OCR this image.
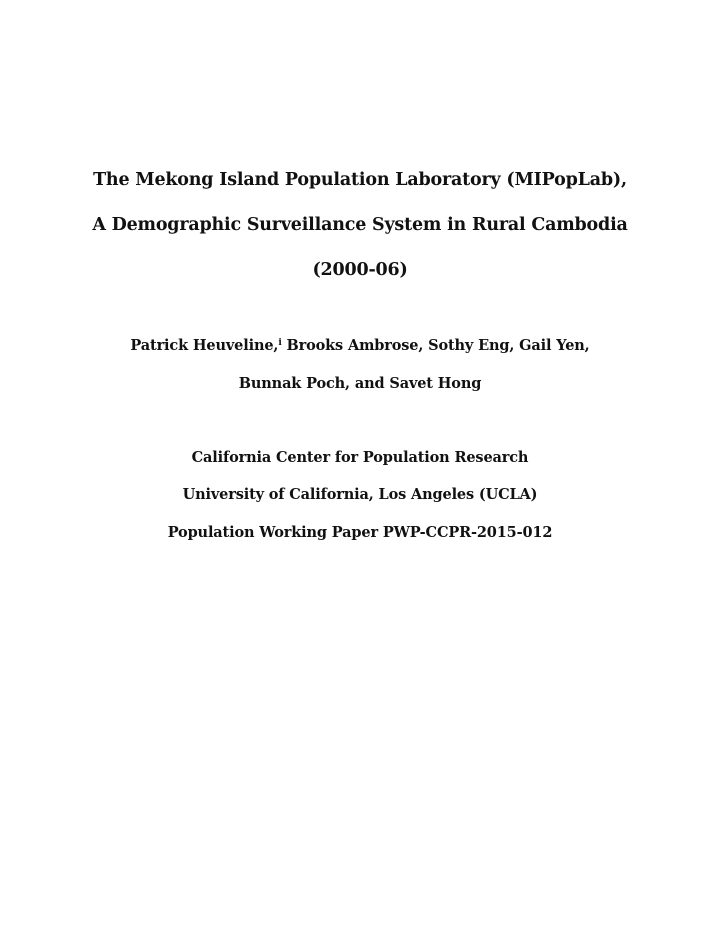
The Mekong Island Population Laboratory (MIPopLab),
A Demographic Surveillance System in Rural Cambodia
(2000-06)
Patrick Heuveline,$^i$ Brooks Ambrose, Sothy Eng, Gail Yen,
Bunnak Poch, and Savet Hong
California Center for Population Research
University of California, Los Angeles (UCLA)
Population Working Paper PWP-CCPR-2015-012
